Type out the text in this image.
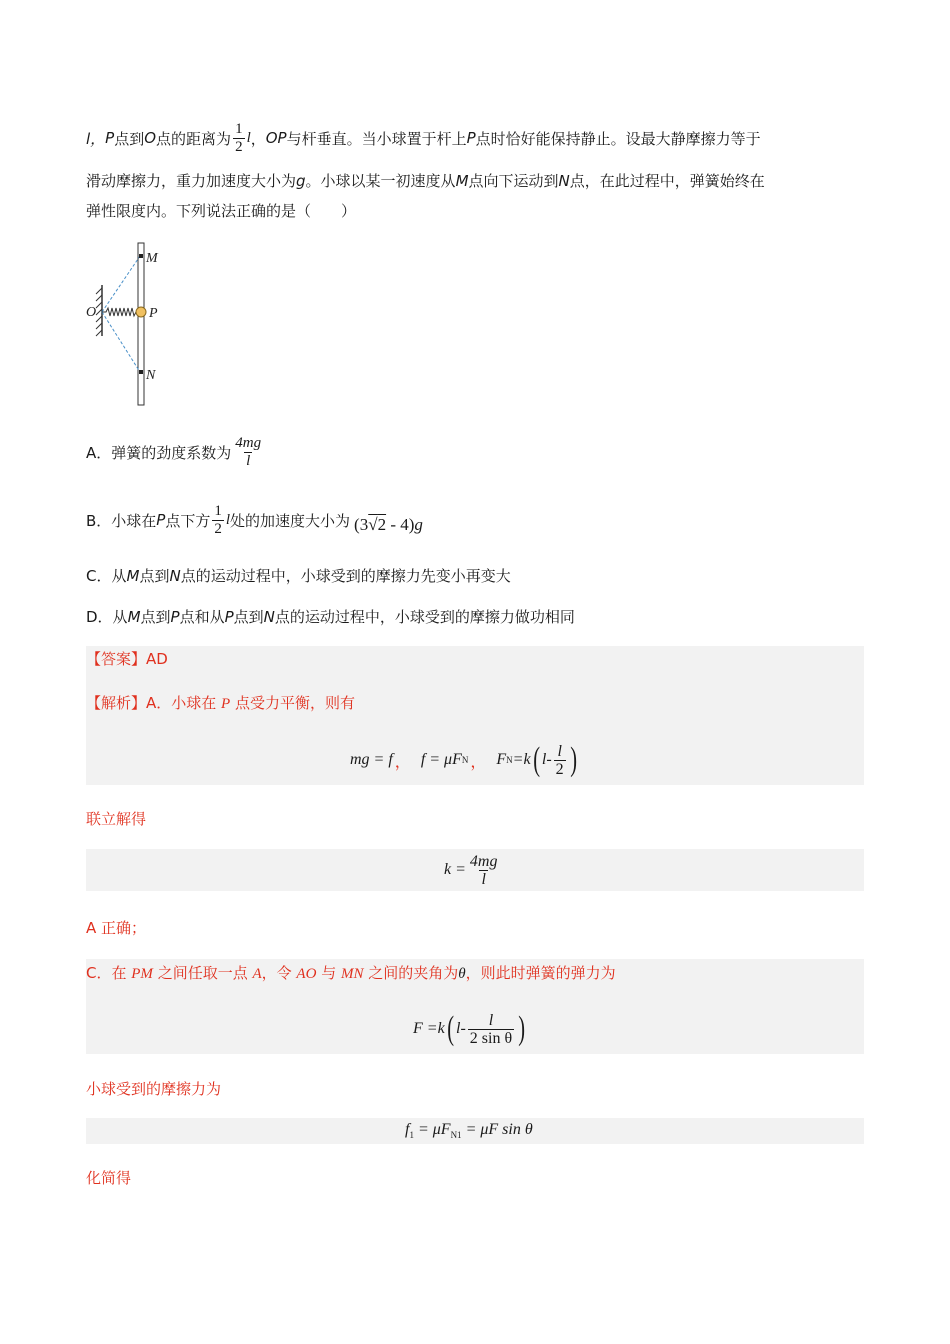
l， P 点到 O 点的距离为 $\frac{1}{2}$ l ， OP 与杆垂直。当小球置于杆上 P 点时恰好能保持静止。设最大静摩擦力等于
滑动摩擦力，重力加速度大小为g。小球以某一初速度从M点向下运动到N点，在此过程中，弹簧始终在
弹性限度内。下列说法正确的是（　　）
M
O	P
N
A．弹簧的劲度系数为 $\frac{4mg}{l}$
B．小球在 P 点下方 $\frac{1}{2}$ l 处的加速度大小为 (3√2 - 4)g
C．从M点到N点的运动过程中，小球受到的摩擦力先变小再变大
D．从M点到P点和从P点到N点的运动过程中，小球受到的摩擦力做功相同
【答案】AD
【解析】A．小球在 P 点受力平衡，则有
mg = f ， f = μF N ， F N =k ( l - $\frac{l}{2}$ )
联立解得
$k = \frac{4mg}{l}$
A 正确；
C．在 PM 之间任取一点 A，令 AO 与 MN 之间的夹角为θ，则此时弹簧的弹力为
F =k ( l - $\frac{l}{\text{2 sin θ}}$ )
小球受到的摩擦力为
$f_1 = \mu F_{N1} = \mu F$ sin θ
化简得
